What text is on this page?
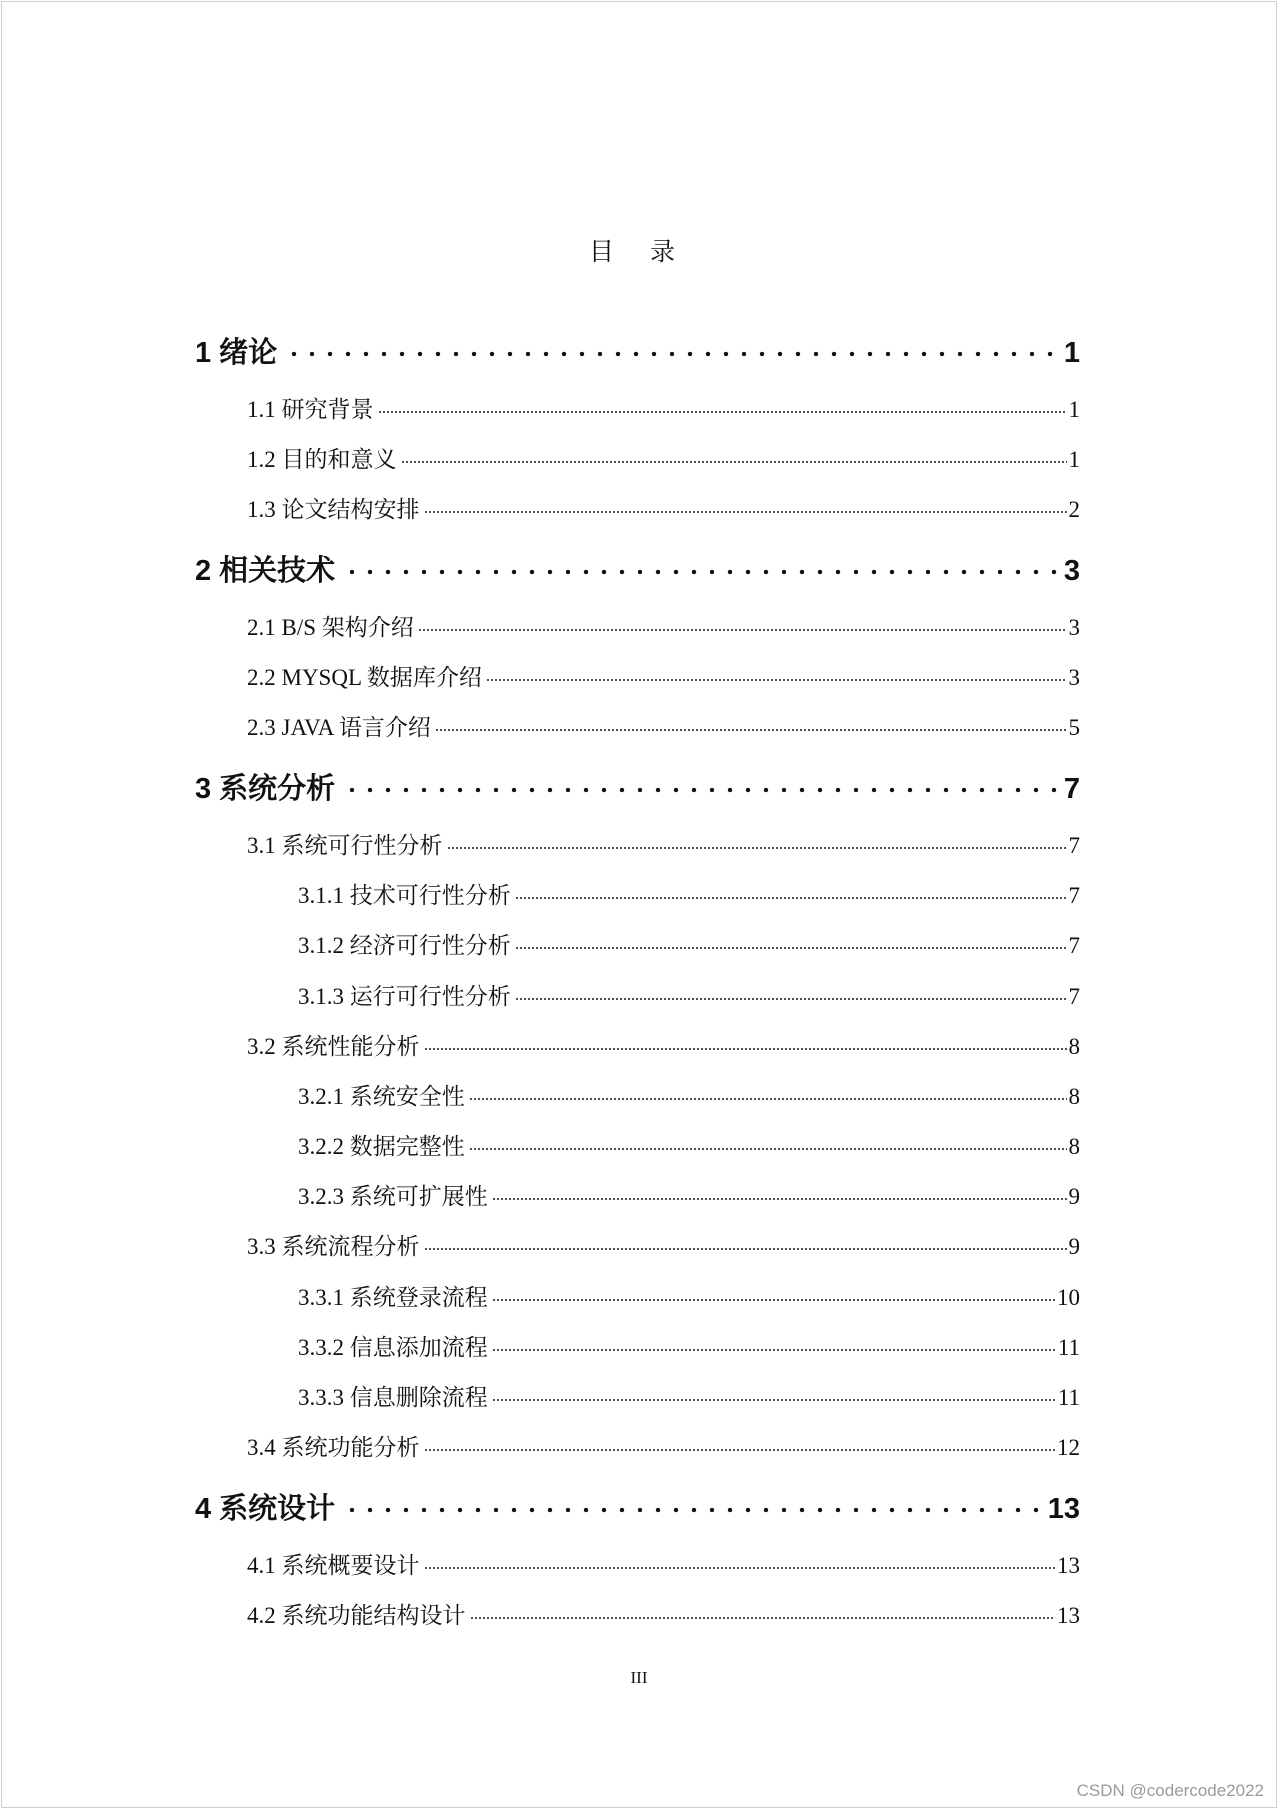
目 录
1 绪论	1
1.1 研究背景	1
1.2 目的和意义	1
1.3 论文结构安排	2
2 相关技术	3
2.1 B/S 架构介绍	3
2.2 MYSQL 数据库介绍	3
2.3 JAVA 语言介绍	5
3 系统分析	7
3.1 系统可行性分析	7
3.1.1 技术可行性分析	7
3.1.2 经济可行性分析	7
3.1.3 运行可行性分析	7
3.2 系统性能分析	8
3.2.1 系统安全性	8
3.2.2 数据完整性	8
3.2.3 系统可扩展性	9
3.3 系统流程分析	9
3.3.1 系统登录流程	10
3.3.2 信息添加流程	11
3.3.3 信息删除流程	11
3.4 系统功能分析	12
4 系统设计	13
4.1 系统概要设计	13
4.2 系统功能结构设计	13
III
CSDN @codercode2022
